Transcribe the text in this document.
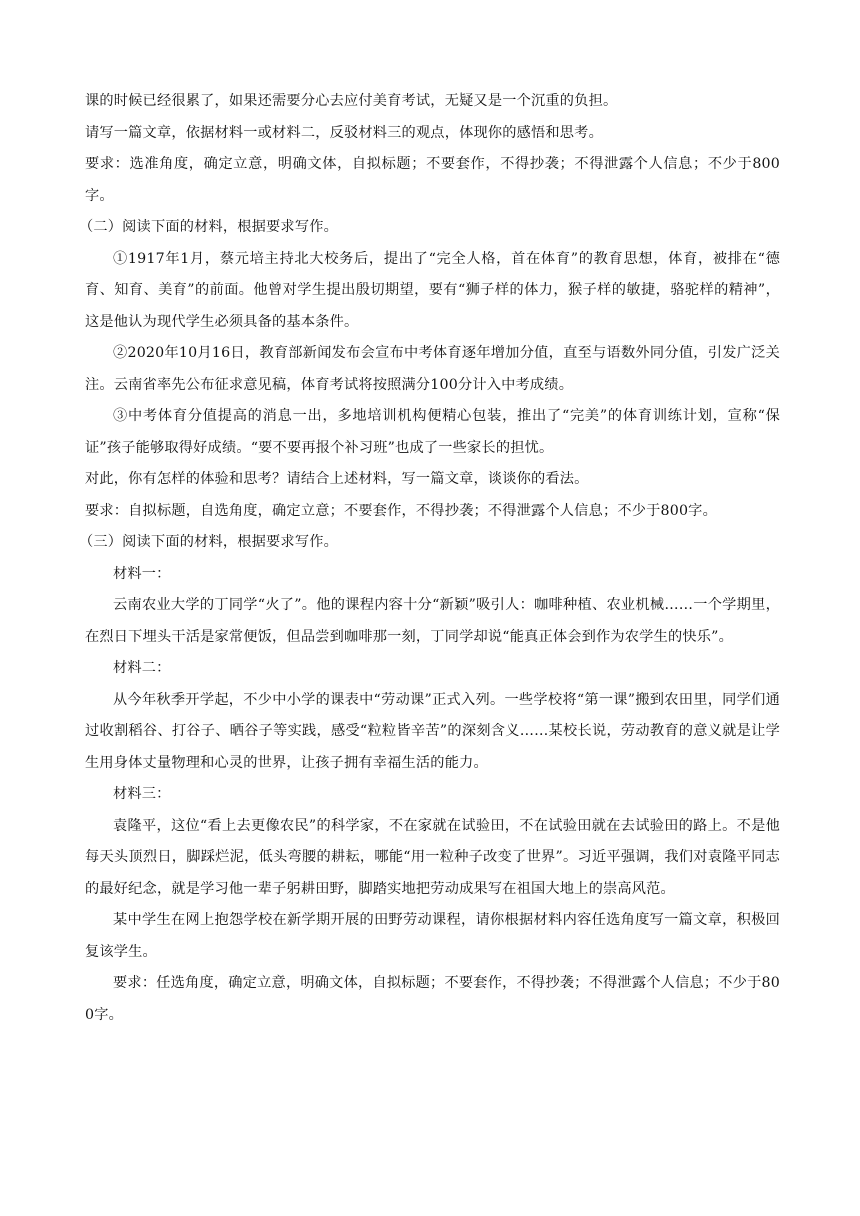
课的时候已经很累了，如果还需要分心去应付美育考试，无疑又是一个沉重的负担。

请写一篇文章，依据材料一或材料二，反驳材料三的观点，体现你的感悟和思考。

要求：选准角度，确定立意，明确文体，自拟标题；不要套作，不得抄袭；不得泄露个人信息；不少于800字。

（二）阅读下面的材料，根据要求写作。

①1917年1月，蔡元培主持北大校务后，提出了“完全人格，首在体育”的教育思想，体育，被排在“德育、知育、美育”的前面。他曾对学生提出殷切期望，要有“狮子样的体力，猴子样的敏捷，骆驼样的精神”，这是他认为现代学生必须具备的基本条件。

②2020年10月16日，教育部新闻发布会宣布中考体育逐年增加分值，直至与语数外同分值，引发广泛关注。云南省率先公布征求意见稿，体育考试将按照满分100分计入中考成绩。

③中考体育分值提高的消息一出，多地培训机构便精心包装，推出了“完美”的体育训练计划，宣称“保证”孩子能够取得好成绩。“要不要再报个补习班”也成了一些家长的担忧。

对此，你有怎样的体验和思考？请结合上述材料，写一篇文章，谈谈你的看法。

要求：自拟标题，自选角度，确定立意；不要套作，不得抄袭；不得泄露个人信息；不少于800字。

（三）阅读下面的材料，根据要求写作。

材料一：

云南农业大学的丁同学“火了”。他的课程内容十分“新颖”吸引人：咖啡种植、农业机械……一个学期里，在烈日下埋头干活是家常便饭，但品尝到咖啡那一刻，丁同学却说“能真正体会到作为农学生的快乐”。

材料二：

从今年秋季开学起，不少中小学的课表中“劳动课”正式入列。一些学校将“第一课”搬到农田里，同学们通过收割稻谷、打谷子、晒谷子等实践，感受“粒粒皆辛苦”的深刻含义……某校长说，劳动教育的意义就是让学生用身体丈量物理和心灵的世界，让孩子拥有幸福生活的能力。

材料三：

袁隆平，这位“看上去更像农民”的科学家，不在家就在试验田，不在试验田就在去试验田的路上。不是他每天头顶烈日，脚踩烂泥，低头弯腰的耕耘，哪能“用一粒种子改变了世界”。习近平强调，我们对袁隆平同志的最好纪念，就是学习他一辈子躬耕田野，脚踏实地把劳动成果写在祖国大地上的崇高风范。

某中学生在网上抱怨学校在新学期开展的田野劳动课程，请你根据材料内容任选角度写一篇文章，积极回复该学生。

要求：任选角度，确定立意，明确文体，自拟标题；不要套作，不得抄袭；不得泄露个人信息；不少于800字。
